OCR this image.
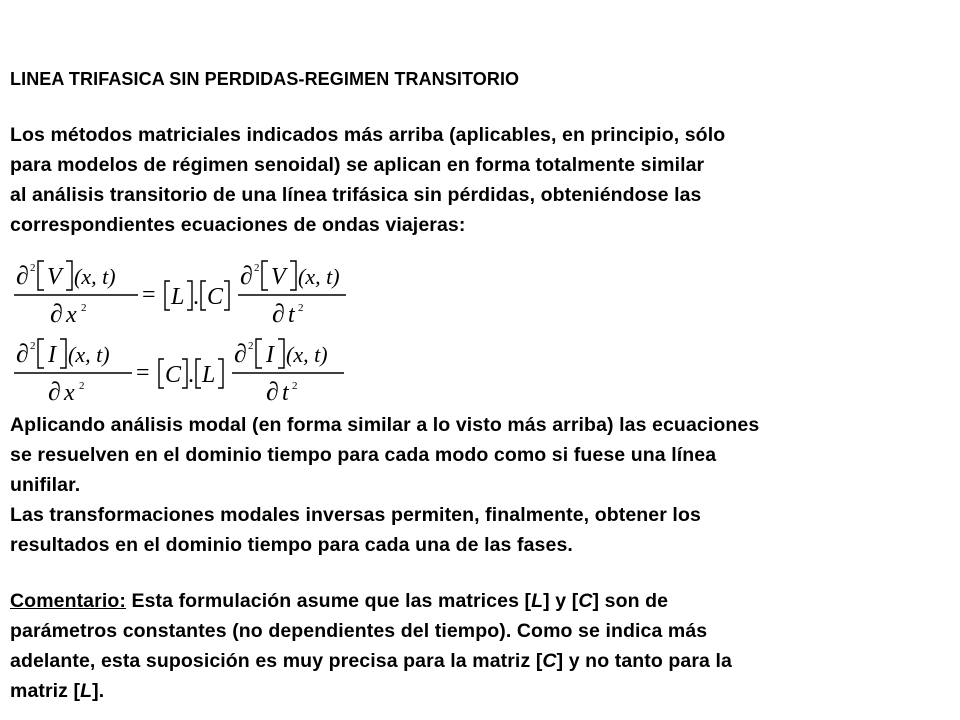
LINEA TRIFASICA SIN PERDIDAS-REGIMEN TRANSITORIO
Los métodos matriciales indicados más arriba (aplicables, en principio, sólo
para modelos de régimen senoidal) se aplican en forma totalmente similar
al análisis transitorio de una línea trifásica sin pérdidas, obteniéndose las
correspondientes ecuaciones de ondas viajeras:
∂ 2 V (x, t)
∂ x 2 = L . C
∂ 2 V (x, t)
∂ t 2
∂ 2 I (x, t)
∂ x 2 = C . L
∂ 2 I (x, t)
∂ t 2
Aplicando análisis modal (en forma similar a lo visto más arriba) las ecuaciones
se resuelven en el dominio tiempo para cada modo como si fuese una línea
unifilar.
Las transformaciones modales inversas permiten, finalmente, obtener los
resultados en el dominio tiempo para cada una de las fases.
Comentario: Esta formulación asume que las matrices [L] y [C] son de
parámetros constantes (no dependientes del tiempo). Como se indica más
adelante, esta suposición es muy precisa para la matriz [C] y no tanto para la
matriz [L].
